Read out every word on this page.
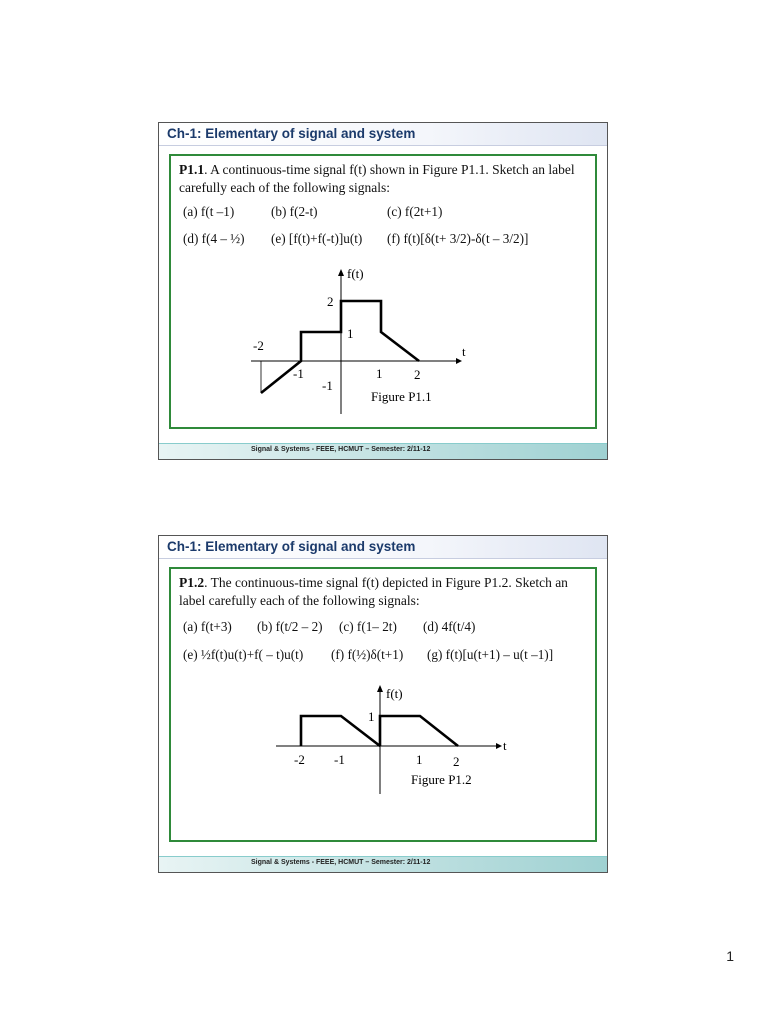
Ch-1: Elementary of signal and system
P1.1. A continuous-time signal f(t) shown in Figure P1.1. Sketch an label carefully each of the following signals:
(a) f(t –1)	(b) f(2-t)	(c) f(2t+1)
(d) f(4 – ½) (e) [f(t)+f(-t)]u(t) (f) f(t)[δ(t+ 3/2)-δ(t – 3/2)]
f(t)
t
2
1
-1
-2
-1	1 2
Figure P1.1
Signal & Systems - FEEE, HCMUT – Semester: 2/11-12
Ch-1: Elementary of signal and system
P1.2. The continuous-time signal f(t) depicted in Figure P1.2. Sketch an label carefully each of the following signals:
(a) f(t+3) (b) f(t/2 – 2) (c) f(1– 2t) (d) 4f(t/4)
(e) ½f(t)u(t)+f( – t)u(t) (f) f(½)δ(t+1) (g) f(t)[u(t+1) – u(t –1)]
f(t)
t
1
-2 -1	1 2
Figure P1.2
Signal & Systems - FEEE, HCMUT – Semester: 2/11-12
1
